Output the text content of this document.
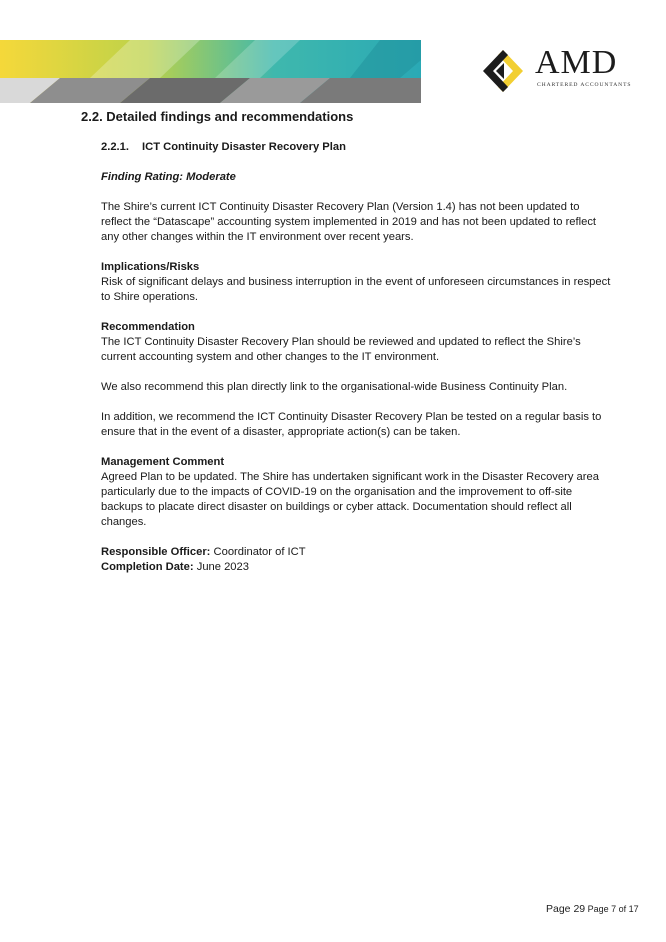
AMD
CHARTERED ACCOUNTANTS
2.2. Detailed findings and recommendations

2.2.1. ICT Continuity Disaster Recovery Plan

Finding Rating: Moderate

The Shire’s current ICT Continuity Disaster Recovery Plan (Version 1.4) has not been updated to reflect the “Datascape” accounting system implemented in 2019 and has not been updated to reflect any other changes within the IT environment over recent years.

Implications/Risks

Risk of significant delays and business interruption in the event of unforeseen circumstances in respect to Shire operations.

Recommendation

The ICT Continuity Disaster Recovery Plan should be reviewed and updated to reflect the Shire’s current accounting system and other changes to the IT environment.

We also recommend this plan directly link to the organisational-wide Business Continuity Plan.

In addition, we recommend the ICT Continuity Disaster Recovery Plan be tested on a regular basis to ensure that in the event of a disaster, appropriate action(s) can be taken.

Management Comment

Agreed Plan to be updated. The Shire has undertaken significant work in the Disaster Recovery area particularly due to the impacts of COVID-19 on the organisation and the improvement to off-site backups to placate direct disaster on buildings or cyber attack. Documentation should reflect all changes.

Responsible Officer: Coordinator of ICT

Completion Date: June 2023

Page 29 Page 7 of 17
